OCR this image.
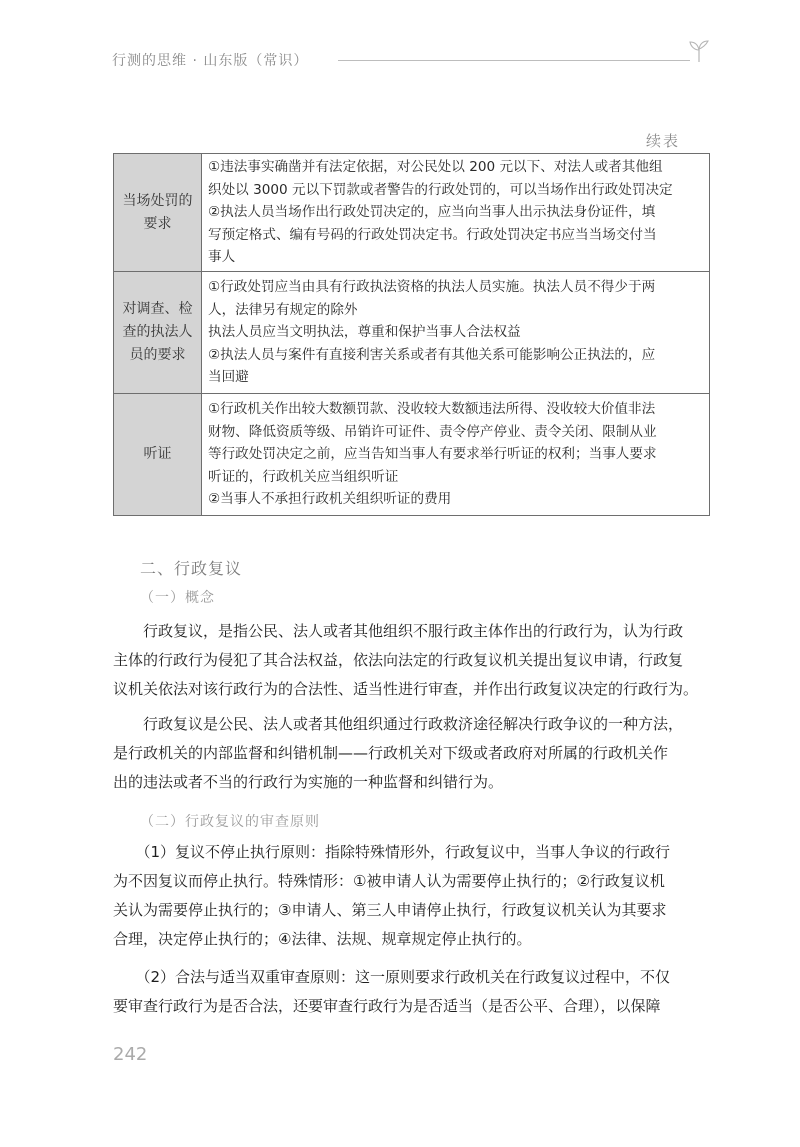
行测的思维 · 山东版（常识）
续表
当场处罚的要求	①违法事实确凿并有法定依据，对公民处以 200 元以下、对法人或者其他组
织处以 3000 元以下罚款或者警告的行政处罚的，可以当场作出行政处罚决定
②执法人员当场作出行政处罚决定的，应当向当事人出示执法身份证件，填
写预定格式、编有号码的行政处罚决定书。行政处罚决定书应当当场交付当
事人

对调查、检查的执法人员的要求	①行政处罚应当由具有行政执法资格的执法人员实施。执法人员不得少于两
人，法律另有规定的除外
执法人员应当文明执法，尊重和保护当事人合法权益
②执法人员与案件有直接利害关系或者有其他关系可能影响公正执法的，应
当回避

听证	①行政机关作出较大数额罚款、没收较大数额违法所得、没收较大价值非法
财物、降低资质等级、吊销许可证件、责令停产停业、责令关闭、限制从业
等行政处罚决定之前，应当告知当事人有要求举行听证的权利；当事人要求
听证的，行政机关应当组织听证
②当事人不承担行政机关组织听证的费用
二、行政复议
（一）概念
　　行政复议，是指公民、法人或者其他组织不服行政主体作出的行政行为，认为行政
主体的行政行为侵犯了其合法权益，依法向法定的行政复议机关提出复议申请，行政复
议机关依法对该行政行为的合法性、适当性进行审查，并作出行政复议决定的行政行为。
　　行政复议是公民、法人或者其他组织通过行政救济途径解决行政争议的一种方法，
是行政机关的内部监督和纠错机制——行政机关对下级或者政府对所属的行政机关作
出的违法或者不当的行政行为实施的一种监督和纠错行为。
（二）行政复议的审查原则
　　（1）复议不停止执行原则：指除特殊情形外，行政复议中，当事人争议的行政行
为不因复议而停止执行。特殊情形：①被申请人认为需要停止执行的；②行政复议机
关认为需要停止执行的；③申请人、第三人申请停止执行，行政复议机关认为其要求
合理，决定停止执行的；④法律、法规、规章规定停止执行的。
　　（2）合法与适当双重审查原则：这一原则要求行政机关在行政复议过程中，不仅
要审查行政行为是否合法，还要审查行政行为是否适当（是否公平、合理），以保障
242
